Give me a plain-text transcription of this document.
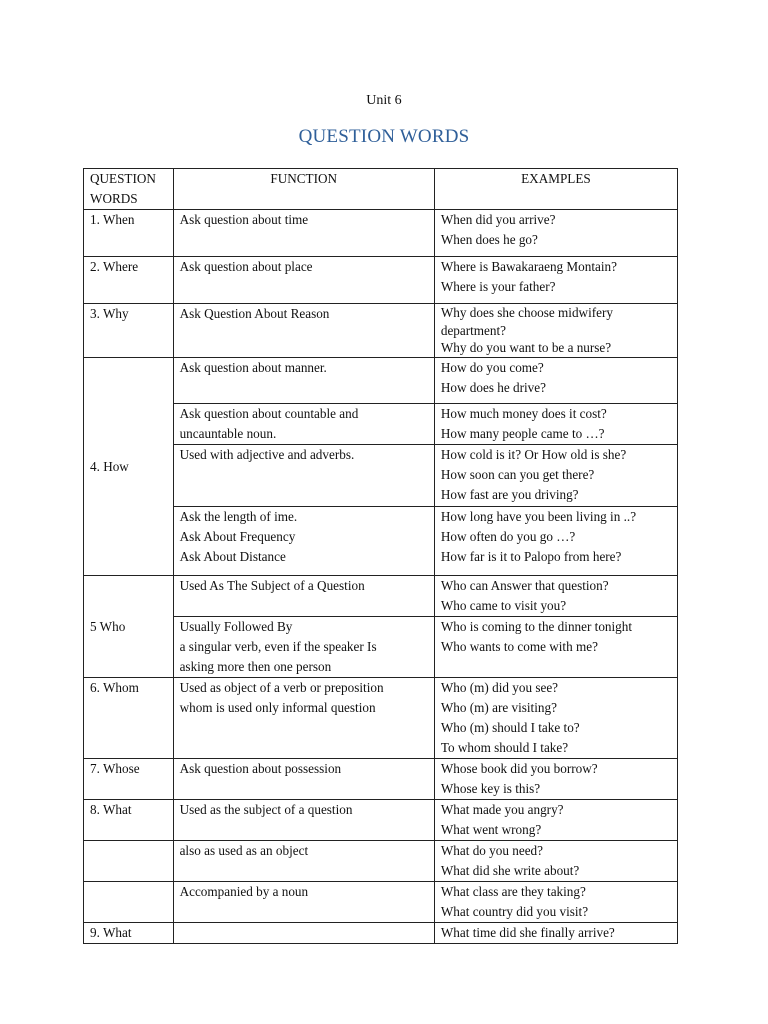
Unit 6
QUESTION WORDS
QUESTION
WORDS	FUNCTION	EXAMPLES
1. When	Ask question about time	When did you arrive?
When does he go?

2. Where	Ask question about place	Where is Bawakaraeng Montain?
Where is your father?

3. Why	Ask Question About Reason	Why does she choose midwifery
department?
Why do you want to be a nurse?

4. How	Ask question about manner.	How do you come?
How does he drive?

	Ask question about countable and
uncauntable noun.	How much money does it cost?
How many people came to …?

	Used with adjective and adverbs.	How cold is it? Or How old is she?
How soon can you get there?
How fast are you driving?

	Ask the length of ime.
Ask About Frequency
Ask About Distance	How long have you been living in ..?
How often do you go …?
How far is it to Palopo from here?

5 Who	Used As The Subject of a Question	Who can Answer that question?
Who came to visit you?

	Usually Followed By
a singular verb, even if the speaker Is
asking more then one person	Who is coming to the dinner tonight
Who wants to come with me?

6. Whom	Used as object of a verb or preposition
whom is used only informal question	Who (m) did you see?
Who (m) are visiting?
Who (m) should I take to?
To whom should I take?

7. Whose	Ask question about possession	Whose book did you borrow?
Whose key is this?

8. What	Used as the subject of a question	What made you angry?
What went wrong?

	also as used as an object	What do you need?
What did she write about?

	Accompanied by a noun	What class are they taking?
What country did you visit?

9. What		What time did she finally arrive?
